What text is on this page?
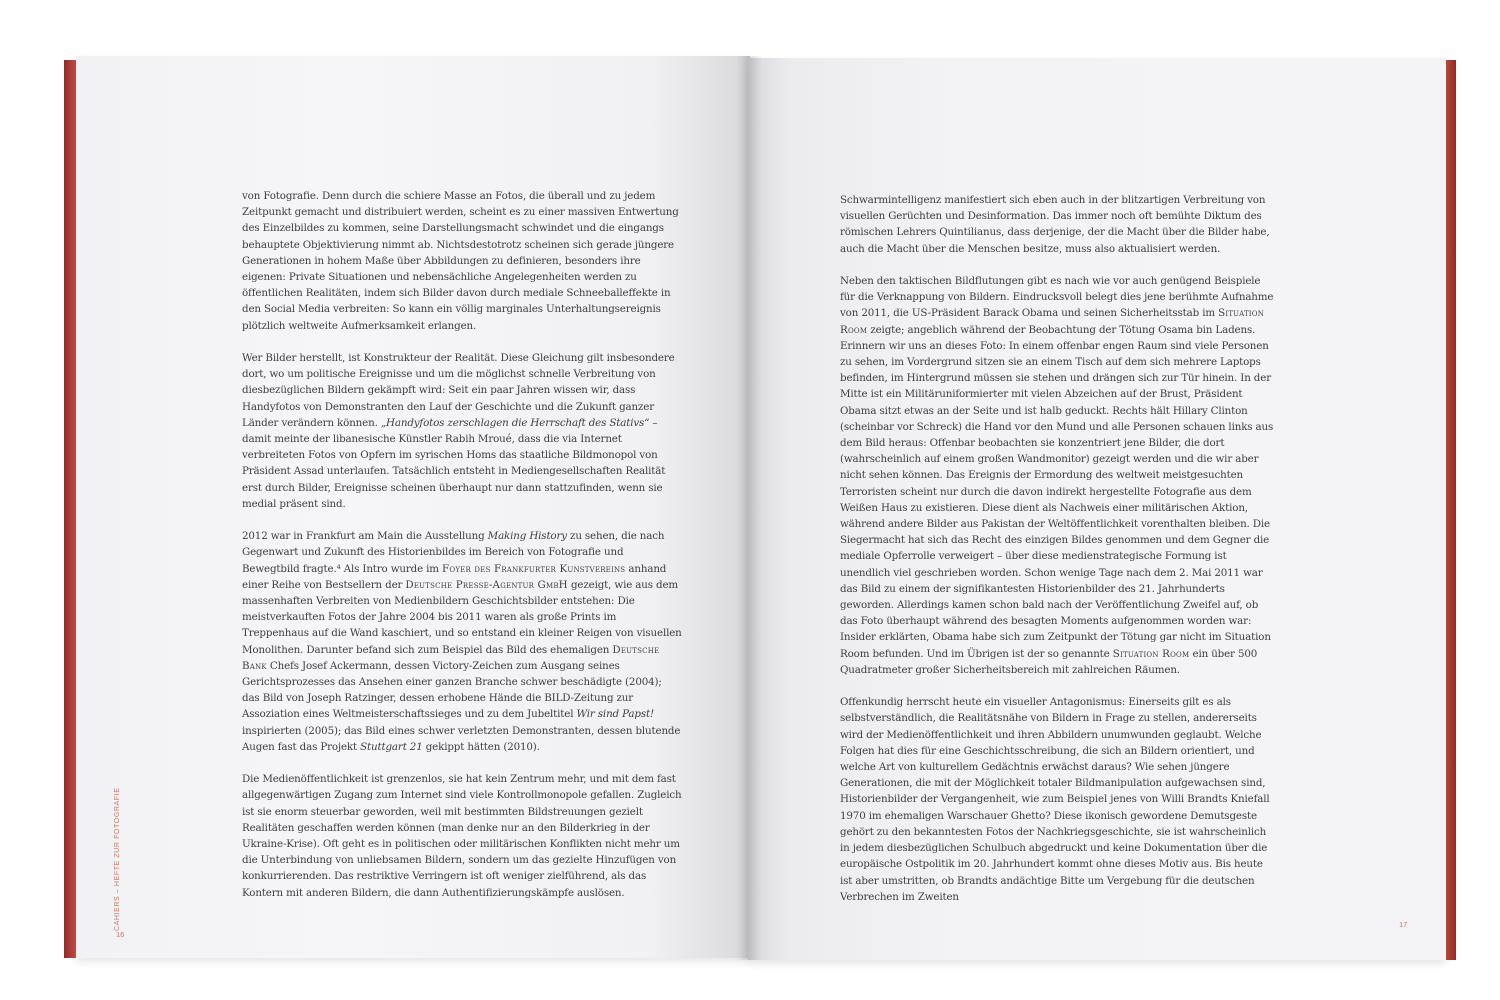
von Fotografie. Denn durch die schiere Masse an Fotos, die überall und zu jedem Zeitpunkt gemacht und distribuiert werden, scheint es zu einer massiven Entwertung des Einzelbildes zu kommen, seine Darstellungsmacht schwindet und die eingangs behauptete Objektivierung nimmt ab. Nichtsdestotrotz scheinen sich gerade jüngere Generationen in hohem Maße über Abbildungen zu definieren, besonders ihre eigenen: Private Situationen und nebensächliche Angelegenheiten werden zu öffentlichen Realitäten, indem sich Bilder davon durch mediale Schneeballeffekte in den Social Media verbreiten: So kann ein völlig marginales Unterhaltungsereignis plötzlich weltweite Aufmerksamkeit erlangen.

Wer Bilder herstellt, ist Konstrukteur der Realität. Diese Gleichung gilt insbesondere dort, wo um politische Ereignisse und um die möglichst schnelle Verbreitung von diesbezüglichen Bildern gekämpft wird: Seit ein paar Jahren wissen wir, dass Handyfotos von Demonstranten den Lauf der Geschichte und die Zukunft ganzer Länder verändern können. „Handyfotos zerschlagen die Herrschaft des Stativs“ – damit meinte der libanesische Künstler Rabih Mroué, dass die via Internet verbreiteten Fotos von Opfern im syrischen Homs das staatliche Bildmonopol von Präsident Assad unterlaufen. Tatsächlich entsteht in Mediengesellschaften Realität erst durch Bilder, Ereignisse scheinen überhaupt nur dann stattzufinden, wenn sie medial präsent sind.

2012 war in Frankfurt am Main die Ausstellung Making History zu sehen, die nach Gegenwart und Zukunft des Historienbildes im Bereich von Fotografie und Bewegtbild fragte.⁴ Als Intro wurde im Foyer des Frankfurter Kunstvereins anhand einer Reihe von Bestsellern der Deutsche Presse-Agentur GmbH gezeigt, wie aus dem massenhaften Verbreiten von Medienbildern Geschichtsbilder entstehen: Die meistverkauften Fotos der Jahre 2004 bis 2011 waren als große Prints im Treppenhaus auf die Wand kaschiert, und so entstand ein kleiner Reigen von visuellen Monolithen. Darunter befand sich zum Beispiel das Bild des ehemaligen Deutsche Bank Chefs Josef Ackermann, dessen Victory-Zeichen zum Ausgang seines Gerichtsprozesses das Ansehen einer ganzen Branche schwer beschädigte (2004); das Bild von Joseph Ratzinger, dessen erhobene Hände die BILD-Zeitung zur Assoziation eines Weltmeisterschaftssieges und zu dem Jubeltitel Wir sind Papst! inspirierten (2005); das Bild eines schwer verletzten Demonstranten, dessen blutende Augen fast das Projekt Stuttgart 21 gekippt hätten (2010).

Die Medienöffentlichkeit ist grenzenlos, sie hat kein Zentrum mehr, und mit dem fast allgegenwärtigen Zugang zum Internet sind viele Kontrollmonopole gefallen. Zugleich ist sie enorm steuerbar geworden, weil mit bestimmten Bildstreuungen gezielt Realitäten geschaffen werden können (man denke nur an den Bilderkrieg in der Ukraine-Krise). Oft geht es in politischen oder militärischen Konflikten nicht mehr um die Unterbindung von unliebsamen Bildern, sondern um das gezielte Hinzufügen von konkurrierenden. Das restriktive Verringern ist oft weniger zielführend, als das Kontern mit anderen Bildern, die dann Authentifizierungskämpfe auslösen.

CAHIERS – HEFTE ZUR FOTOGRAFIE
16

Schwarmintelligenz manifestiert sich eben auch in der blitzartigen Verbreitung von visuellen Gerüchten und Desinformation. Das immer noch oft bemühte Diktum des römischen Lehrers Quintilianus, dass derjenige, der die Macht über die Bilder habe, auch die Macht über die Menschen besitze, muss also aktualisiert werden.

Neben den taktischen Bildflutungen gibt es nach wie vor auch genügend Beispiele für die Verknappung von Bildern. Eindrucksvoll belegt dies jene berühmte Aufnahme von 2011, die US-Präsident Barack Obama und seinen Sicherheitsstab im Situation Room zeigte; angeblich während der Beobachtung der Tötung Osama bin Ladens. Erinnern wir uns an dieses Foto: In einem offenbar engen Raum sind viele Personen zu sehen, im Vordergrund sitzen sie an einem Tisch auf dem sich mehrere Laptops befinden, im Hintergrund müssen sie stehen und drängen sich zur Tür hinein. In der Mitte ist ein Militäruniformierter mit vielen Abzeichen auf der Brust, Präsident Obama sitzt etwas an der Seite und ist halb geduckt. Rechts hält Hillary Clinton (scheinbar vor Schreck) die Hand vor den Mund und alle Personen schauen links aus dem Bild heraus: Offenbar beobachten sie konzentriert jene Bilder, die dort (wahrscheinlich auf einem großen Wandmonitor) gezeigt werden und die wir aber nicht sehen können. Das Ereignis der Ermordung des weltweit meistgesuchten Terroristen scheint nur durch die davon indirekt hergestellte Fotografie aus dem Weißen Haus zu existieren. Diese dient als Nachweis einer militärischen Aktion, während andere Bilder aus Pakistan der Weltöffentlichkeit vorenthalten bleiben. Die Siegermacht hat sich das Recht des einzigen Bildes genommen und dem Gegner die mediale Opferrolle verweigert – über diese medienstrategische Formung ist unendlich viel geschrieben worden. Schon wenige Tage nach dem 2. Mai 2011 war das Bild zu einem der signifikantesten Historienbilder des 21. Jahrhunderts geworden. Allerdings kamen schon bald nach der Veröffentlichung Zweifel auf, ob das Foto überhaupt während des besagten Moments aufgenommen worden war: Insider erklärten, Obama habe sich zum Zeitpunkt der Tötung gar nicht im Situation Room befunden. Und im Übrigen ist der so genannte Situation Room ein über 500 Quadratmeter großer Sicherheitsbereich mit zahlreichen Räumen.

Offenkundig herrscht heute ein visueller Antagonismus: Einerseits gilt es als selbstverständlich, die Realitätsnähe von Bildern in Frage zu stellen, andererseits wird der Medienöffentlichkeit und ihren Abbildern unumwunden geglaubt. Welche Folgen hat dies für eine Geschichtsschreibung, die sich an Bildern orientiert, und welche Art von kulturellem Gedächtnis erwächst daraus? Wie sehen jüngere Generationen, die mit der Möglichkeit totaler Bildmanipulation aufgewachsen sind, Historienbilder der Vergangenheit, wie zum Beispiel jenes von Willi Brandts Kniefall 1970 im ehemaligen Warschauer Ghetto? Diese ikonisch gewordene Demutsgeste gehört zu den bekanntesten Fotos der Nachkriegsgeschichte, sie ist wahrscheinlich in jedem diesbezüglichen Schulbuch abgedruckt und keine Dokumentation über die europäische Ostpolitik im 20. Jahrhundert kommt ohne dieses Motiv aus. Bis heute ist aber umstritten, ob Brandts andächtige Bitte um Vergebung für die deutschen Verbrechen im Zweiten

17
